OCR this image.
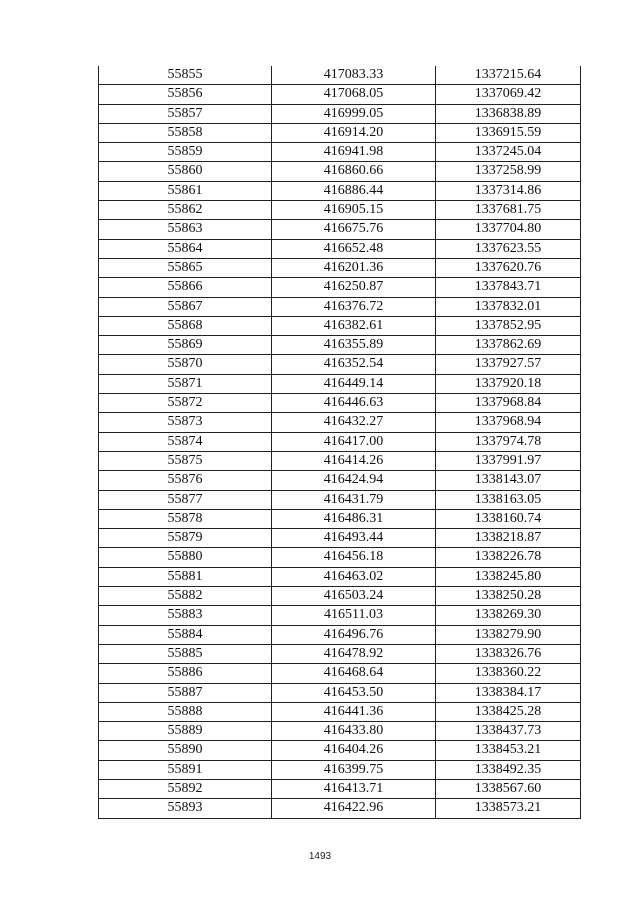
55855	417083.33	1337215.64
55856	417068.05	1337069.42
55857	416999.05	1336838.89
55858	416914.20	1336915.59
55859	416941.98	1337245.04
55860	416860.66	1337258.99
55861	416886.44	1337314.86
55862	416905.15	1337681.75
55863	416675.76	1337704.80
55864	416652.48	1337623.55
55865	416201.36	1337620.76
55866	416250.87	1337843.71
55867	416376.72	1337832.01
55868	416382.61	1337852.95
55869	416355.89	1337862.69
55870	416352.54	1337927.57
55871	416449.14	1337920.18
55872	416446.63	1337968.84
55873	416432.27	1337968.94
55874	416417.00	1337974.78
55875	416414.26	1337991.97
55876	416424.94	1338143.07
55877	416431.79	1338163.05
55878	416486.31	1338160.74
55879	416493.44	1338218.87
55880	416456.18	1338226.78
55881	416463.02	1338245.80
55882	416503.24	1338250.28
55883	416511.03	1338269.30
55884	416496.76	1338279.90
55885	416478.92	1338326.76
55886	416468.64	1338360.22
55887	416453.50	1338384.17
55888	416441.36	1338425.28
55889	416433.80	1338437.73
55890	416404.26	1338453.21
55891	416399.75	1338492.35
55892	416413.71	1338567.60
55893	416422.96	1338573.21
1493
